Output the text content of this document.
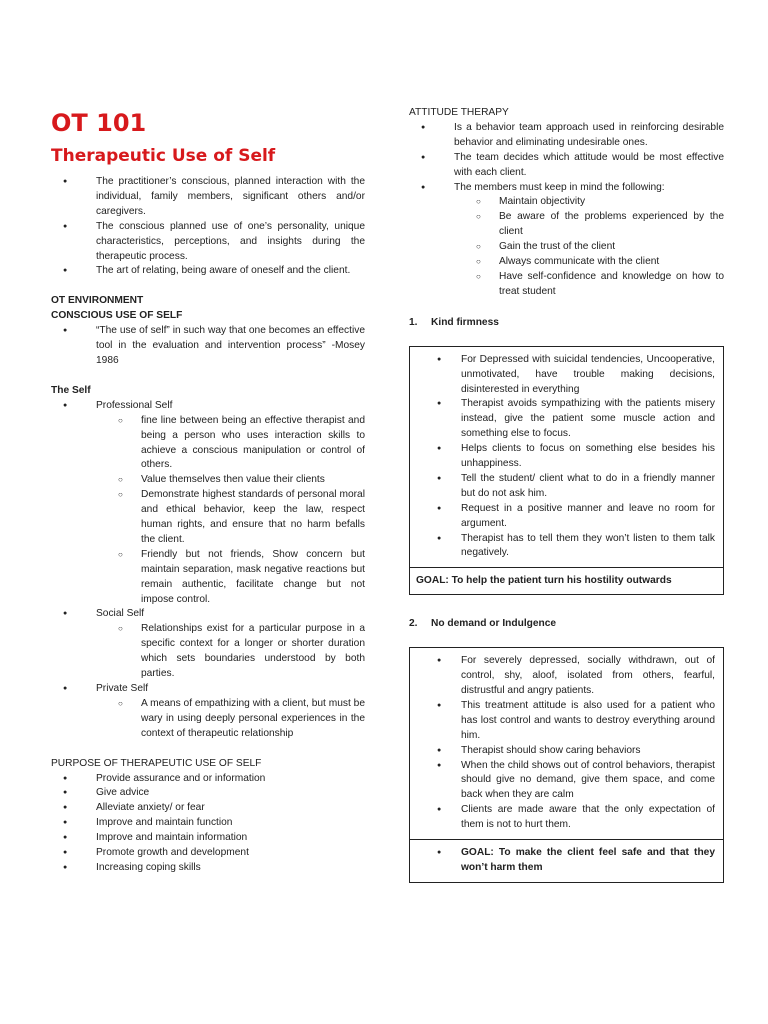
OT 101
Therapeutic Use of Self
● The practitioner’s conscious, planned interaction with the individual, family members, significant others and/or caregivers.
● The conscious planned use of one’s personality, unique characteristics, perceptions, and insights during the therapeutic process.
● The art of relating, being aware of oneself and the client.
OT ENVIRONMENT
CONSCIOUS USE OF SELF
● “The use of self” in such way that one becomes an effective tool in the evaluation and intervention process” -Mosey 1986
The Self
● Professional Self
○ fine line between being an effective therapist and being a person who uses interaction skills to achieve a conscious manipulation or control of others.
○ Value themselves then value their clients
○ Demonstrate highest standards of personal moral and ethical behavior, keep the law, respect human rights, and ensure that no harm befalls the client.
○ Friendly but not friends, Show concern but maintain separation, mask negative reactions but remain authentic, facilitate change but not impose control.
● Social Self
○ Relationships exist for a particular purpose in a specific context for a longer or shorter duration which sets boundaries understood by both parties.
● Private Self
○ A means of empathizing with a client, but must be wary in using deeply personal experiences in the context of therapeutic relationship
PURPOSE OF THERAPEUTIC USE OF SELF
● Provide assurance and or information
● Give advice
● Alleviate anxiety/ or fear
● Improve and maintain function
● Improve and maintain information
● Promote growth and development
● Increasing coping skills
ATTITUDE THERAPY
● Is a behavior team approach used in reinforcing desirable behavior and eliminating undesirable ones.
● The team decides which attitude would be most effective with each client.
● The members must keep in mind the following:
○ Maintain objectivity
○ Be aware of the problems experienced by the client
○ Gain the trust of the client
○ Always communicate with the client
○ Have self-confidence and knowledge on how to treat student
1. Kind firmness
● For Depressed with suicidal tendencies, Uncooperative, unmotivated, have trouble making decisions, disinterested in everything
● Therapist avoids sympathizing with the patients misery instead, give the patient some muscle action and something else to focus.
● Helps clients to focus on something else besides his unhappiness.
● Tell the student/ client what to do in a friendly manner but do not ask him.
● Request in a positive manner and leave no room for argument.
● Therapist has to tell them they won’t listen to them talk negatively.
GOAL: To help the patient turn his hostility outwards
2. No demand or Indulgence
● For severely depressed, socially withdrawn, out of control, shy, aloof, isolated from others, fearful, distrustful and angry patients.
● This treatment attitude is also used for a patient who has lost control and wants to destroy everything around him.
● Therapist should show caring behaviors
● When the child shows out of control behaviors, therapist should give no demand, give them space, and come back when they are calm
● Clients are made aware that the only expectation of them is not to hurt them.
● GOAL: To make the client feel safe and that they won’t harm them
